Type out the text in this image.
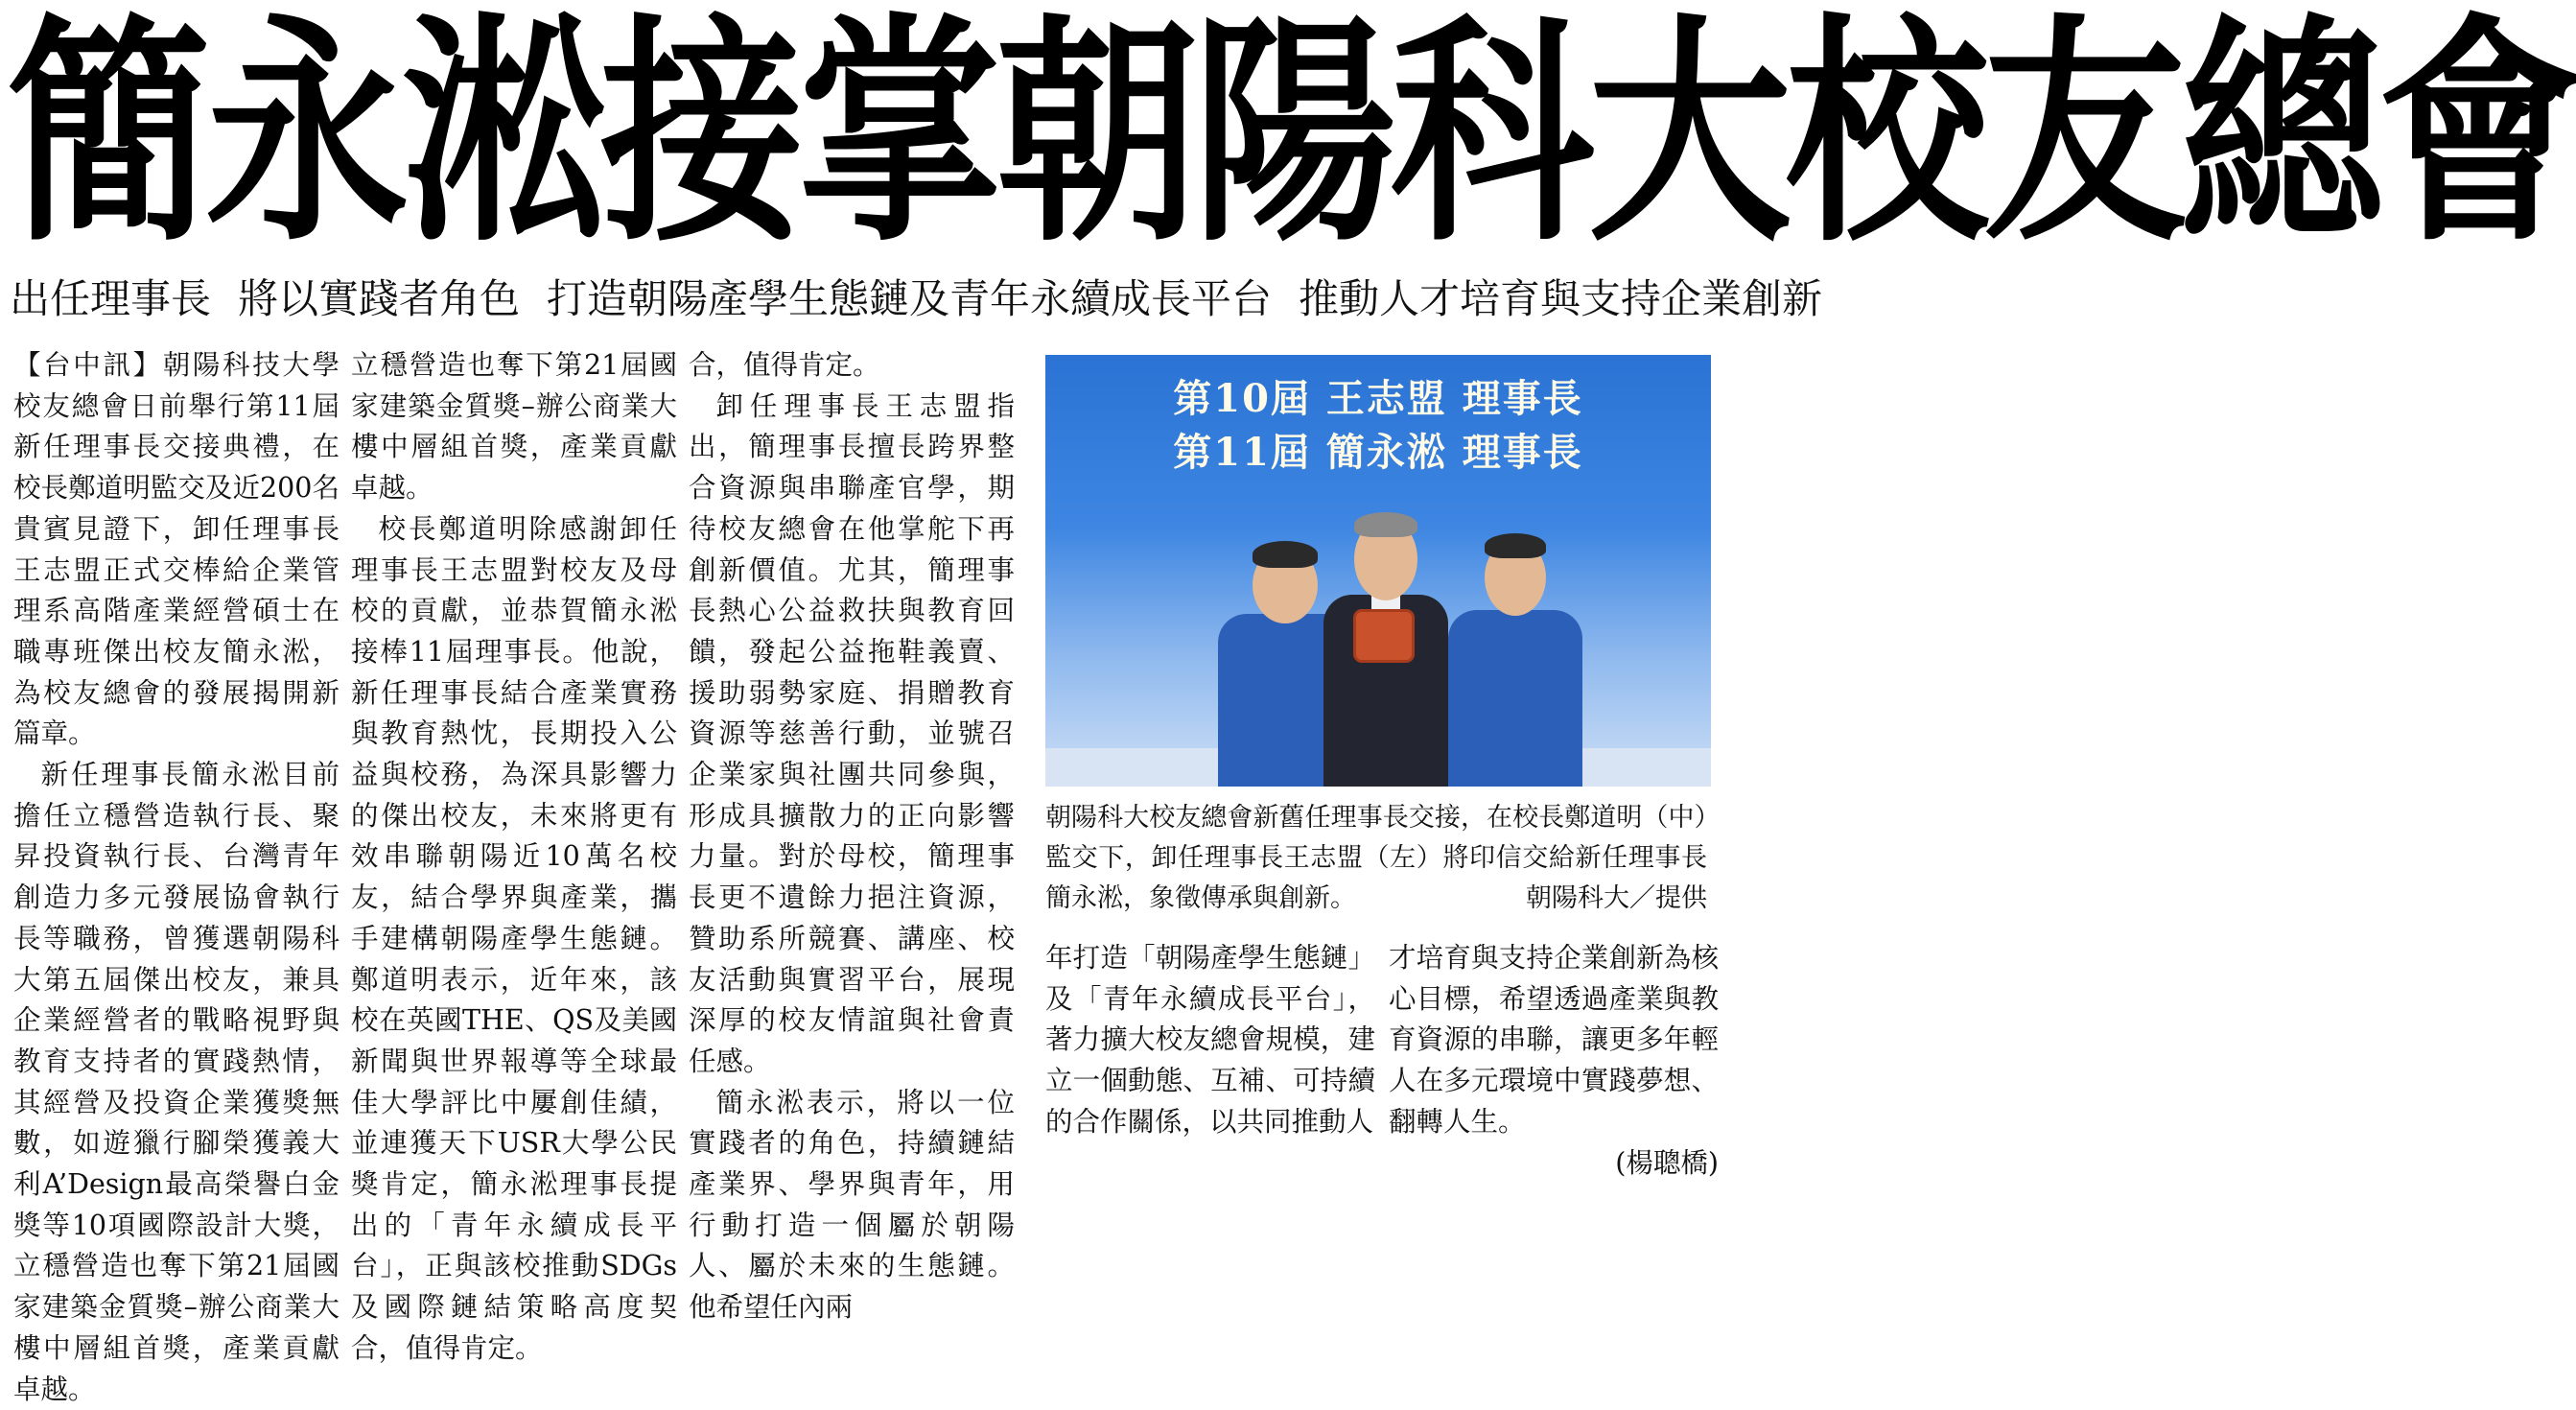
簡永淞 接掌朝陽科大校友總會
出任理事長 將以實踐者角色 打造朝陽產學生態鏈及青年永續成長平台 推動人才培育與支持企業創新

【台中訊】朝陽科技大學校友總會日前舉行第11屆新任理事長交接典禮，在校長鄭道明監交及近200名貴賓見證下，卸任理事長王志盟正式交棒給企業管理系高階產業經營碩士在職專班傑出校友簡永淞，為校友總會的發展揭開新篇章。

新任理事長簡永淞目前擔任立穩營造執行長、聚昇投資執行長、台灣青年創造力多元發展協會執行長等職務，曾獲選朝陽科大第五屆傑出校友，兼具企業經營者的戰略視野與教育支持者的實踐熱情，其經營及投資企業獲獎無數，如遊獵行腳榮獲義大利A’Design最高榮譽白金獎等10項國際設計大獎，立穩營造也奪下第21屆國家建築金質獎–辦公商業大樓中層組首獎，產業貢獻卓越。

立穩營造也奪下第21屆國家建築金質獎–辦公商業大樓中層組首獎，產業貢獻卓越。

校長鄭道明除感謝卸任理事長王志盟對校友及母校的貢獻，並恭賀簡永淞接棒11屆理事長。他說，新任理事長結合產業實務與教育熱忱，長期投入公益與校務，為深具影響力的傑出校友，未來將更有效串聯朝陽近10萬名校友，結合學界與產業，攜手建構朝陽產學生態鏈。鄭道明表示，近年來，該校在英國THE、QS及美國新聞與世界報導等全球最佳大學評比中屢創佳績，並連獲天下USR大學公民獎肯定，簡永淞理事長提出的「青年永續成長平台」，正與該校推動SDGs及國際鏈結策略高度契合，值得肯定。

合，值得肯定。

卸任理事長王志盟指出，簡理事長擅長跨界整合資源與串聯產官學，期待校友總會在他掌舵下再創新價值。尤其，簡理事長熱心公益救扶與教育回饋，發起公益拖鞋義賣、援助弱勢家庭、捐贈教育資源等慈善行動，並號召企業家與社團共同參與，形成具擴散力的正向影響力量。對於母校，簡理事長更不遺餘力挹注資源，贊助系所競賽、講座、校友活動與實習平台，展現深厚的校友情誼與社會責任感。

簡永淞表示，將以一位實踐者的角色，持續鏈結產業界、學界與青年，用行動打造一個屬於朝陽人、屬於未來的生態鏈。他希望任內兩

第10屆 王志盟 理事長
第11屆 簡永淞 理事長
朝陽科大校友總會新舊任理事長交接，在校長鄭道明（中）監交下，卸任理事長王志盟（左）將印信交給新任理事長簡永淞，象徵傳承與創新。	朝陽科大／提供

年打造「朝陽產學生態鏈」及「青年永續成長平台」，著力擴大校友總會規模，建立一個動態、互補、可持續的合作關係，以共同推動人

才培育與支持企業創新為核心目標，希望透過產業與教育資源的串聯，讓更多年輕人在多元環境中實踐夢想、翻轉人生。

(楊聰橋)
